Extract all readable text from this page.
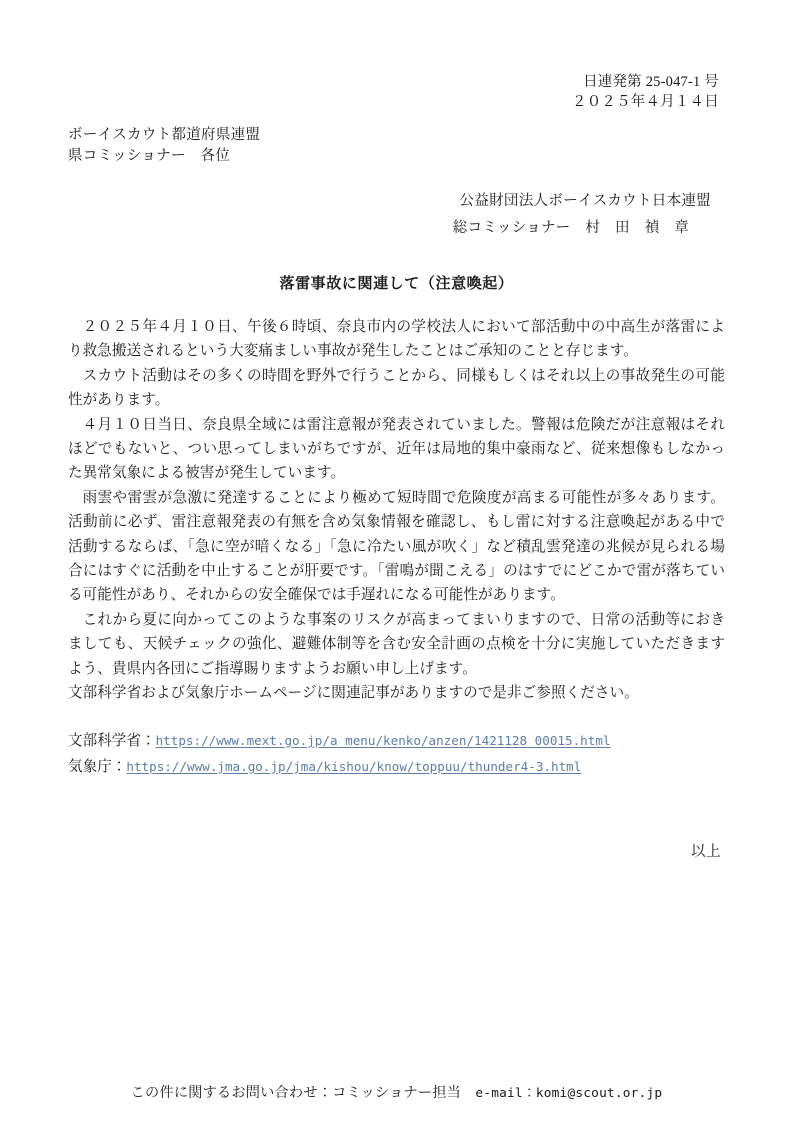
日連発第 25-047-1 号
２０２５年４月１４日
ボーイスカウト都道府県連盟
県コミッショナー　各位
公益財団法人ボーイスカウト日本連盟
総コミッショナー　村　田　禎　章
落雷事故に関連して（注意喚起）

２０２５年４月１０日、午後６時頃、奈良市内の学校法人において部活動中の中高生が落雷により救急搬送されるという大変痛ましい事故が発生したことはご承知のことと存じます。

スカウト活動はその多くの時間を野外で行うことから、同様もしくはそれ以上の事故発生の可能性があります。

４月１０日当日、奈良県全域には雷注意報が発表されていました。警報は危険だが注意報はそれほどでもないと、つい思ってしまいがちですが、近年は局地的集中豪雨など、従来想像もしなかった異常気象による被害が発生しています。

雨雲や雷雲が急激に発達することにより極めて短時間で危険度が高まる可能性が多々あります。活動前に必ず、雷注意報発表の有無を含め気象情報を確認し、もし雷に対する注意喚起がある中で活動するならば、「急に空が暗くなる」「急に冷たい風が吹く」など積乱雲発達の兆候が見られる場合にはすぐに活動を中止することが肝要です。「雷鳴が聞こえる」のはすでにどこかで雷が落ちている可能性があり、それからの安全確保では手遅れになる可能性があります。

これから夏に向かってこのような事案のリスクが高まってまいりますので、日常の活動等におきましても、天候チェックの強化、避難体制等を含む安全計画の点検を十分に実施していただきますよう、貴県内各団にご指導賜りますようお願い申し上げます。

文部科学省および気象庁ホームページに関連記事がありますので是非ご参照ください。

文部科学省：https://www.mext.go.jp/a_menu/kenko/anzen/1421128_00015.html
気象庁：https://www.jma.go.jp/jma/kishou/know/toppuu/thunder4-3.html
以上
この件に関するお問い合わせ：コミッショナー担当　e-mail：komi@scout.or.jp
